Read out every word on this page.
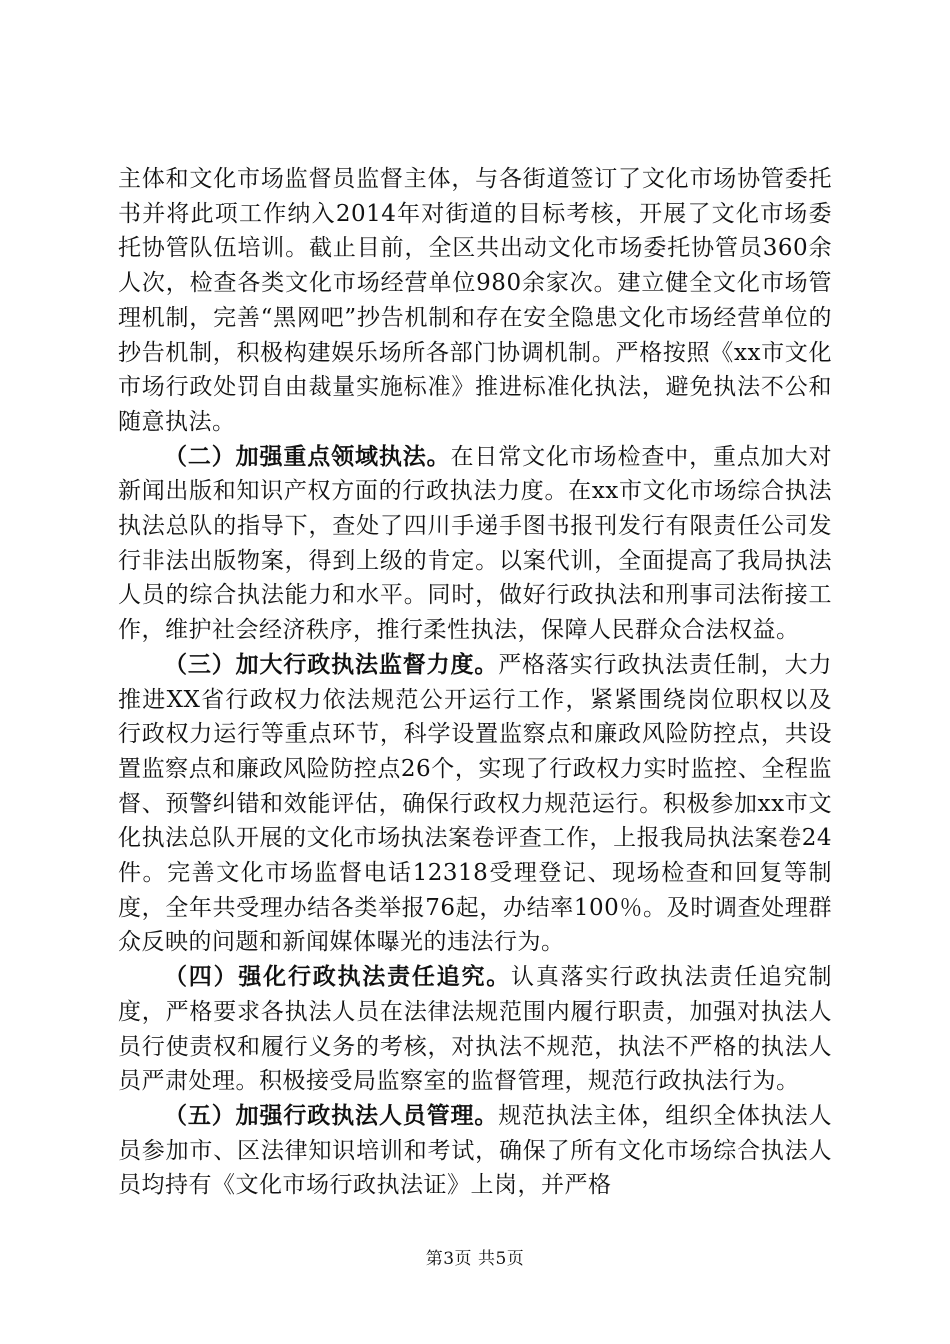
主体和文化市场监督员监督主体，与各街道签订了文化市场协管委托书并将此项工作纳入2014年对街道的目标考核，开展了文化市场委托协管队伍培训。截止目前，全区共出动文化市场委托协管员360余人次，检查各类文化市场经营单位980余家次。建立健全文化市场管理机制，完善“黑网吧”抄告机制和存在安全隐患文化市场经营单位的抄告机制，积极构建娱乐场所各部门协调机制。严格按照《xx市文化市场行政处罚自由裁量实施标准》推进标准化执法，避免执法不公和随意执法。

（二）加强重点领域执法。在日常文化市场检查中，重点加大对新闻出版和知识产权方面的行政执法力度。在xx市文化市场综合执法执法总队的指导下，查处了四川手递手图书报刊发行有限责任公司发行非法出版物案，得到上级的肯定。以案代训，全面提高了我局执法人员的综合执法能力和水平。同时，做好行政执法和刑事司法衔接工作，维护社会经济秩序，推行柔性执法，保障人民群众合法权益。

（三）加大行政执法监督力度。严格落实行政执法责任制，大力推进XX省行政权力依法规范公开运行工作，紧紧围绕岗位职权以及行政权力运行等重点环节，科学设置监察点和廉政风险防控点，共设置监察点和廉政风险防控点26个，实现了行政权力实时监控、全程监督、预警纠错和效能评估，确保行政权力规范运行。积极参加xx市文化执法总队开展的文化市场执法案卷评查工作，上报我局执法案卷24件。完善文化市场监督电话12318受理登记、现场检查和回复等制度，全年共受理办结各类举报76起，办结率100％。及时调查处理群众反映的问题和新闻媒体曝光的违法行为。

（四）强化行政执法责任追究。认真落实行政执法责任追究制度，严格要求各执法人员在法律法规范围内履行职责，加强对执法人员行使责权和履行义务的考核，对执法不规范，执法不严格的执法人员严肃处理。积极接受局监察室的监督管理，规范行政执法行为。

（五）加强行政执法人员管理。规范执法主体，组织全体执法人员参加市、区法律知识培训和考试，确保了所有文化市场综合执法人员均持有《文化市场行政执法证》上岗，并严格

第3页 共5页
